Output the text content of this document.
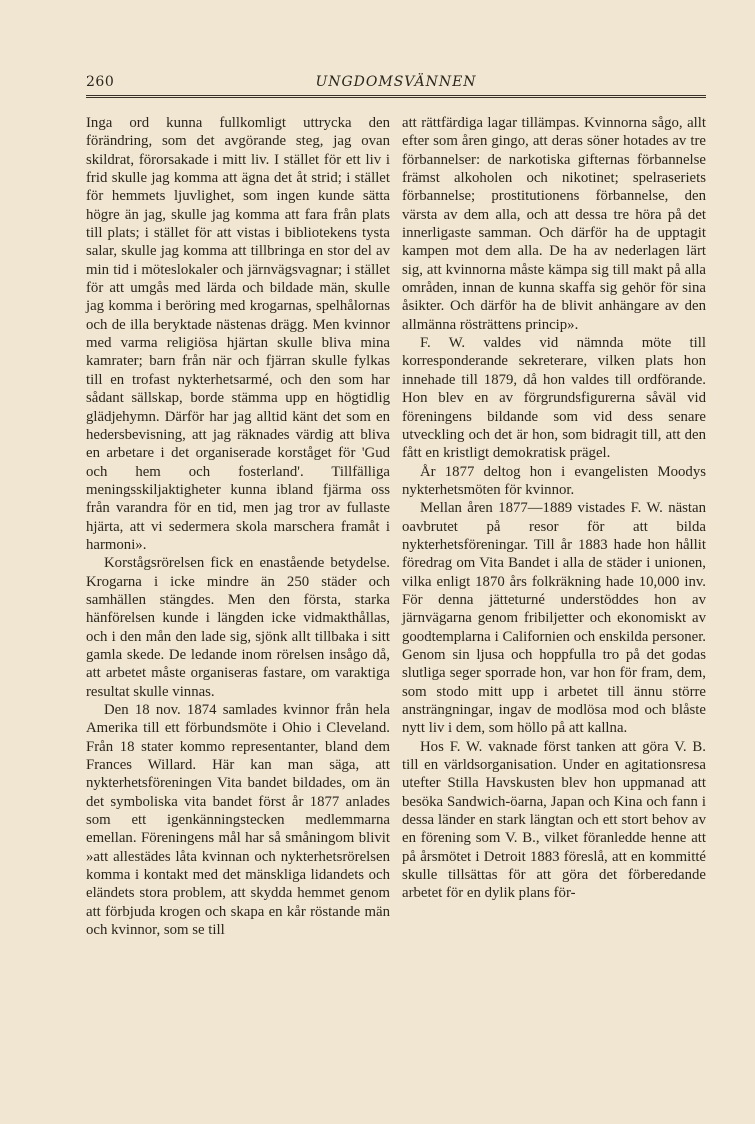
260	UNGDOMSVÄNNEN

Inga ord kunna fullkomligt uttrycka den förändring, som det avgörande steg, jag ovan skildrat, förorsakade i mitt liv. I stället för ett liv i frid skulle jag komma att ägna det åt strid; i stället för hemmets ljuvlighet, som ingen kunde sätta högre än jag, skulle jag komma att fara från plats till plats; i stället för att vistas i bibliotekens tysta salar, skulle jag komma att tillbringa en stor del av min tid i möteslokaler och järnvägsvagnar; i stället för att umgås med lärda och bildade män, skulle jag komma i beröring med krogarnas, spelhålornas och de illa beryktade nästenas drägg. Men kvinnor med varma religiösa hjärtan skulle bliva mina kamrater; barn från när och fjärran skulle fylkas till en trofast nykterhetsarmé, och den som har sådant sällskap, borde stämma upp en högtidlig glädjehymn. Därför har jag alltid känt det som en hedersbevisning, att jag räknades värdig att bliva en arbetare i det organiserade korståget för 'Gud och hem och fosterland'. Tillfälliga meningsskiljaktigheter kunna ibland fjärma oss från varandra för en tid, men jag tror av fullaste hjärta, att vi sedermera skola marschera framåt i harmoni».

Korstågsrörelsen fick en enastående betydelse. Krogarna i icke mindre än 250 städer och samhällen stängdes. Men den första, starka hänförelsen kunde i längden icke vidmakthållas, och i den mån den lade sig, sjönk allt tillbaka i sitt gamla skede. De ledande inom rörelsen insågo då, att arbetet måste organiseras fastare, om varaktiga resultat skulle vinnas.

Den 18 nov. 1874 samlades kvinnor från hela Amerika till ett förbundsmöte i Ohio i Cleveland. Från 18 stater kommo representanter, bland dem Frances Willard. Här kan man säga, att nykterhetsföreningen Vita bandet bildades, om än det symboliska vita bandet först år 1877 anlades som ett igenkänningstecken medlemmarna emellan. Föreningens mål har så småningom blivit »att allestädes låta kvinnan och nykterhetsrörelsen komma i kontakt med det mänskliga lidandets och eländets stora problem, att skydda hemmet genom att förbjuda krogen och skapa en kår röstande män och kvinnor, som se till

att rättfärdiga lagar tillämpas. Kvinnorna sågo, allt efter som åren gingo, att deras söner hotades av tre förbannelser: de narkotiska gifternas förbannelse främst alkoholen och nikotinet; spelraseriets förbannelse; prostitutionens förbannelse, den värsta av dem alla, och att dessa tre höra på det innerligaste samman. Och därför ha de upptagit kampen mot dem alla. De ha av nederlagen lärt sig, att kvinnorna måste kämpa sig till makt på alla områden, innan de kunna skaffa sig gehör för sina åsikter. Och därför ha de blivit anhängare av den allmänna rösträttens princip».

F. W. valdes vid nämnda möte till korresponderande sekreterare, vilken plats hon innehade till 1879, då hon valdes till ordförande. Hon blev en av förgrundsfigurerna såväl vid föreningens bildande som vid dess senare utveckling och det är hon, som bidragit till, att den fått en kristligt demokratisk prägel.

År 1877 deltog hon i evangelisten Moodys nykterhetsmöten för kvinnor.

Mellan åren 1877—1889 vistades F. W. nästan oavbrutet på resor för att bilda nykterhetsföreningar. Till år 1883 hade hon hållit föredrag om Vita Bandet i alla de städer i unionen, vilka enligt 1870 års folkräkning hade 10,000 inv. För denna jätteturné understöddes hon av järnvägarna genom fribiljetter och ekonomiskt av goodtemplarna i Californien och enskilda personer. Genom sin ljusa och hoppfulla tro på det godas slutliga seger sporrade hon, var hon för fram, dem, som stodo mitt upp i arbetet till ännu större ansträngningar, ingav de modlösa mod och blåste nytt liv i dem, som höllo på att kallna.

Hos F. W. vaknade först tanken att göra V. B. till en världsorganisation. Under en agitationsresa utefter Stilla Havskusten blev hon uppmanad att besöka Sandwich-öarna, Japan och Kina och fann i dessa länder en stark längtan och ett stort behov av en förening som V. B., vilket föranledde henne att på årsmötet i Detroit 1883 föreslå, att en kommitté skulle tillsättas för att göra det förberedande arbetet för en dylik plans för-
